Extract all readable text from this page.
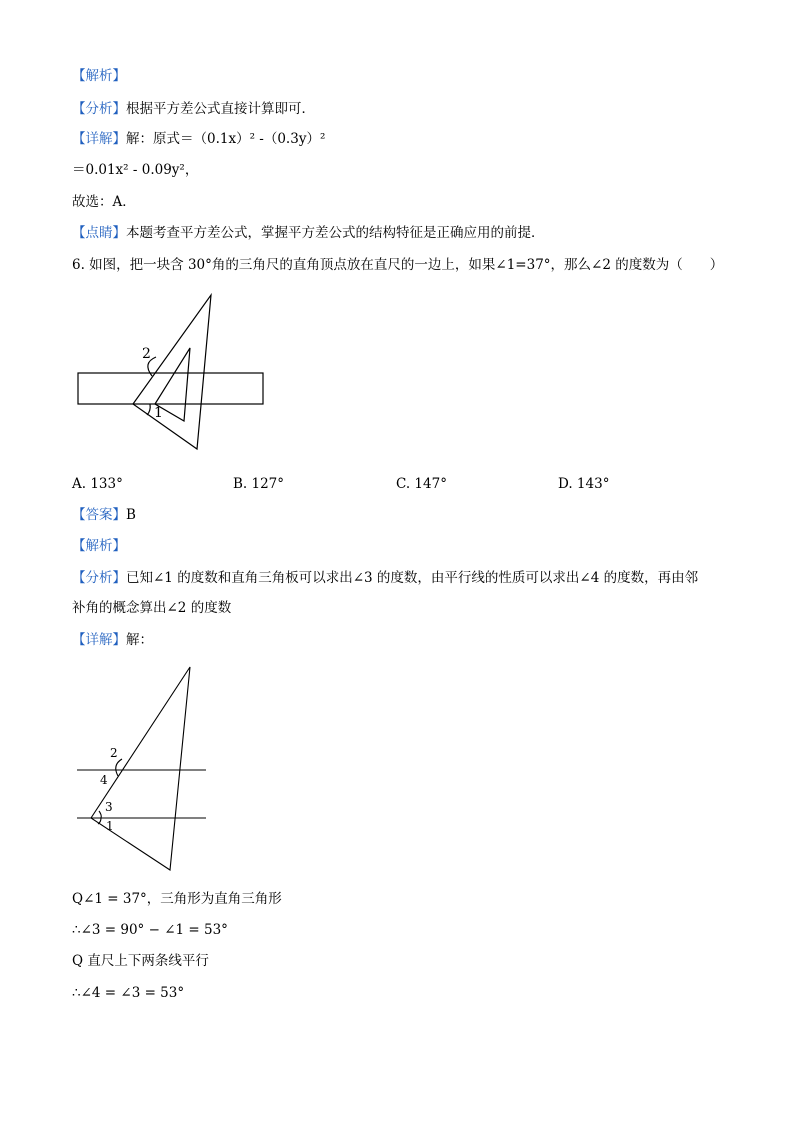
【解析】
【分析】根据平方差公式直接计算即可．
【详解】解：原式＝（0.1x）² -（0.3y）²
＝0.01x² - 0.09y²，
故选：A．
【点睛】本题考查平方差公式，掌握平方差公式的结构特征是正确应用的前提．
6. 如图，把一块含 30°角的三角尺的直角顶点放在直尺的一边上，如果∠1=37°，那么∠2 的度数为（　　）
2
1
2
4
3
1
A. 133°	B. 127°	C. 147°	D. 143°
【答案】B
【解析】
【分析】已知∠1 的度数和直角三角板可以求出∠3 的度数，由平行线的性质可以求出∠4 的度数，再由邻
补角的概念算出∠2 的度数
【详解】解：
Q∠1 = 37°，三角形为直角三角形
∴∠3 = 90° − ∠1 = 53°
Q 直尺上下两条线平行
∴∠4 = ∠3 = 53°
